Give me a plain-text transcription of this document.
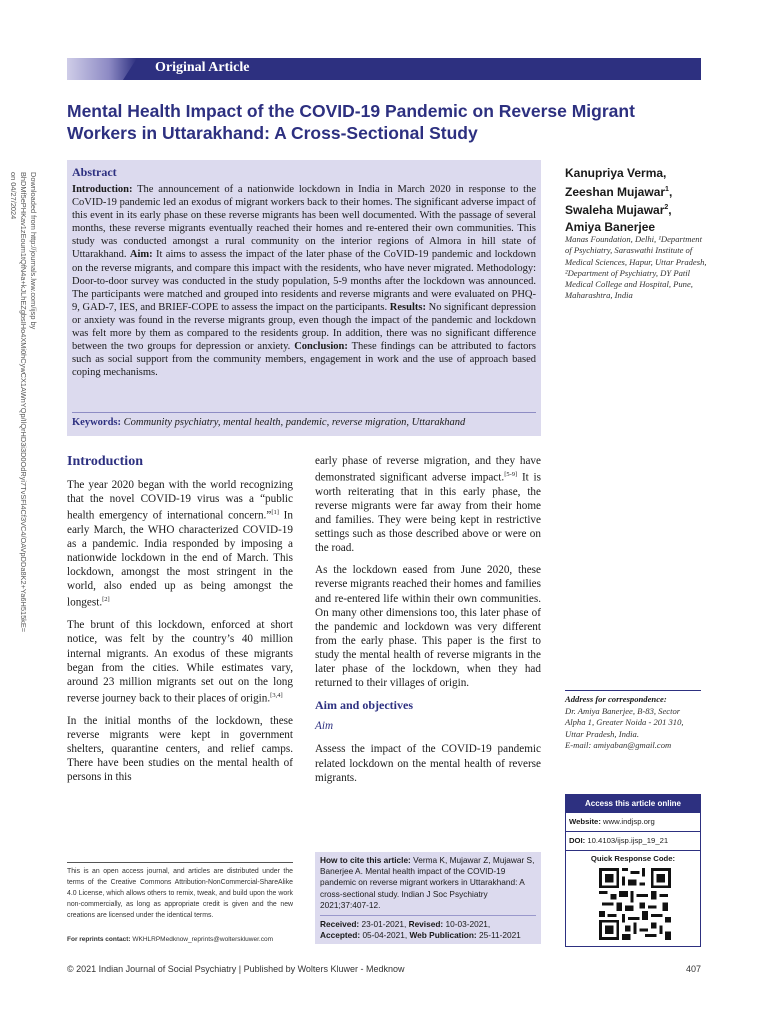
Original Article
Mental Health Impact of the COVID-19 Pandemic on Reverse Migrant Workers in Uttarakhand: A Cross-Sectional Study
Downloaded from http://journals.lww.com/ijsp by BhDMf5ePHKav1zEoum1tQfN4a+kJLhEZgbsIHo4XMi0hCywCX1AWnYQp/IlQrHD3i3D0OdRyi7TvSFl4Cf3VC4/OAVpDDa8K2+Ya6H515kE= on 04/27/2024	Abstract
Introduction: The announcement of a nationwide lockdown in India in March 2020 in response to the CoVID-19 pandemic led an exodus of migrant workers back to their homes. The significant adverse impact of this event in its early phase on these reverse migrants has been well documented. With the passage of several months, these reverse migrants eventually reached their homes and re-entered their own communities. This study was conducted amongst a rural community on the interior regions of Almora in hill state of Uttarakhand. Aim: It aims to assess the impact of the later phase of the CoVID-19 pandemic and lockdown on the reverse migrants, and compare this impact with the residents, who have never migrated. Methodology: Door-to-door survey was conducted in the study population, 5-9 months after the lockdown was announced. The participants were matched and grouped into residents and reverse migrants and were evaluated on PHQ-9, GAD-7, IES, and BRIEF-COPE to assess the impact on the participants. Results: No significant depression or anxiety was found in the reverse migrants group, even though the impact of the pandemic and lockdown was felt more by them as compared to the residents group. In addition, there was no significant difference between the two groups for depression or anxiety. Conclusion: These findings can be attributed to factors such as social support from the community members, engagement in work and the use of approach based coping mechanisms.
Keywords: Community psychiatry, mental health, pandemic, reverse migration, Uttarakhand
Kanupriya Verma,
Zeeshan Mujawar$^1$,
Swaleha Mujawar$^2$,
Amiya Banerjee
Manas Foundation, Delhi, ¹Department of Psychiatry, Saraswathi Institute of Medical Sciences, Hapur, Uttar Pradesh, ²Department of Psychiatry, DY Patil Medical College and Hospital, Pune, Maharashtra, India
Introduction

The year 2020 began with the world recognizing that the novel COVID-19 virus was a “public health emergency of international concern.”[1] In early March, the WHO characterized COVID-19 as a pandemic. India responded by imposing a nationwide lockdown in the end of March. This lockdown, amongst the most stringent in the world, also ended up as being amongst the longest.[2]

The brunt of this lockdown, enforced at short notice, was felt by the country’s 40 million internal migrants. An exodus of these migrants began from the cities. While estimates vary, around 23 million migrants set out on the long reverse journey back to their places of origin.[3,4]

In the initial months of the lockdown, these reverse migrants were kept in government shelters, quarantine centers, and relief camps. There have been studies on the mental health of persons in this

early phase of reverse migration, and they have demonstrated significant adverse impact.[5-9] It is worth reiterating that in this early phase, the reverse migrants were far away from their home and families. They were being kept in restrictive settings such as those described above or were on the road.

As the lockdown eased from June 2020, these reverse migrants reached their homes and families and re-entered life within their own communities. On many other dimensions too, this later phase of the pandemic and lockdown was very different from the early phase. This paper is the first to study the mental health of reverse migrants in the later phase of the lockdown, when they had returned to their villages of origin.

Aim and objectives
Aim

Assess the impact of the COVID-19 pandemic related lockdown on the mental health of reverse migrants.

This is an open access journal, and articles are distributed under the terms of the Creative Commons Attribution-NonCommercial-ShareAlike 4.0 License, which allows others to remix, tweak, and build upon the work non-commercially, as long as appropriate credit is given and the new creations are licensed under the identical terms.
For reprints contact: WKHLRPMedknow_reprints@wolterskluwer.com
How to cite this article: Verma K, Mujawar Z, Mujawar S, Banerjee A. Mental health impact of the COVID-19 pandemic on reverse migrant workers in Uttarakhand: A cross-sectional study. Indian J Soc Psychiatry 2021;37:407-12.
Received: 23-01-2021, Revised: 10-03-2021,
Accepted: 05-04-2021, Web Publication: 25-11-2021
Address for correspondence:
Dr. Amiya Banerjee, B-83, Sector Alpha 1, Greater Noida - 201 310, Uttar Pradesh, India.
E-mail: amiyaban@gmail.com
Access this article online
Website: www.indjsp.org
DOI: 10.4103/ijsp.ijsp_19_21
Quick Response Code:
© 2021 Indian Journal of Social Psychiatry | Published by Wolters Kluwer - Medknow	407
